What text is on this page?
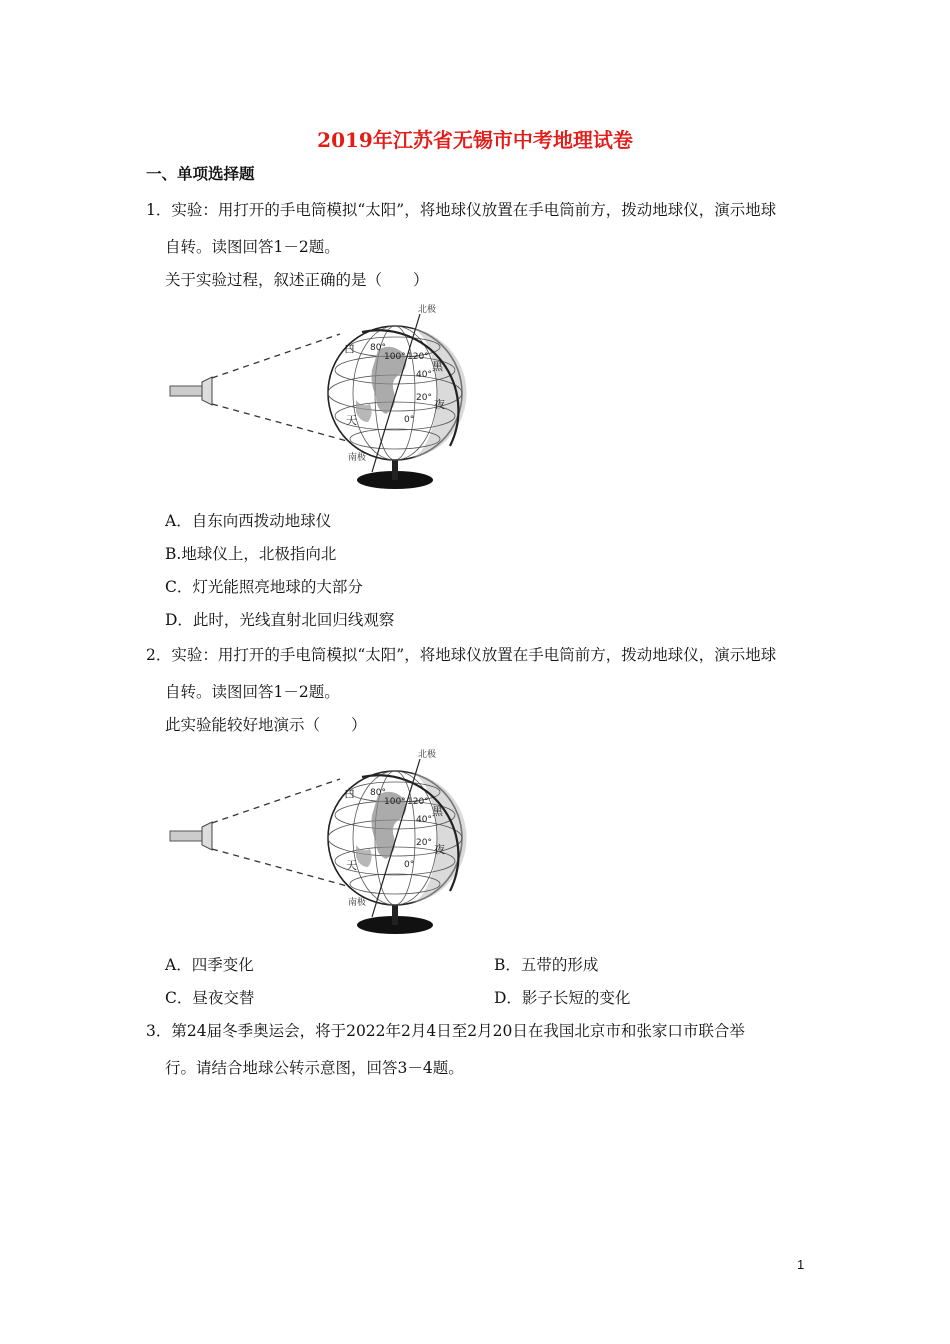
2019年江苏省无锡市中考地理试卷
一、单项选择题
1．实验：用打开的手电筒模拟“太阳”，将地球仪放置在手电筒前方，拨动地球仪，演示地球
自转。读图回答1－2题。
关于实验过程，叙述正确的是（　　）
北极
南极
80°
100° 120°
40°
20°
0°
白
天
黑
夜
A．自东向西拨动地球仪
B.地球仪上，北极指向北
C．灯光能照亮地球的大部分
D．此时，光线直射北回归线观察
2．实验：用打开的手电筒模拟“太阳”，将地球仪放置在手电筒前方，拨动地球仪，演示地球
自转。读图回答1－2题。
此实验能较好地演示（　　）
北极
南极
80°
100° 120°
40°
20°
0°
白
天
黑
夜
A．四季变化	B．五带的形成
C．昼夜交替	D．影子长短的变化
3．第24届冬季奥运会，将于2022年2月4日至2月20日在我国北京市和张家口市联合举
行。请结合地球公转示意图，回答3－4题。
1
